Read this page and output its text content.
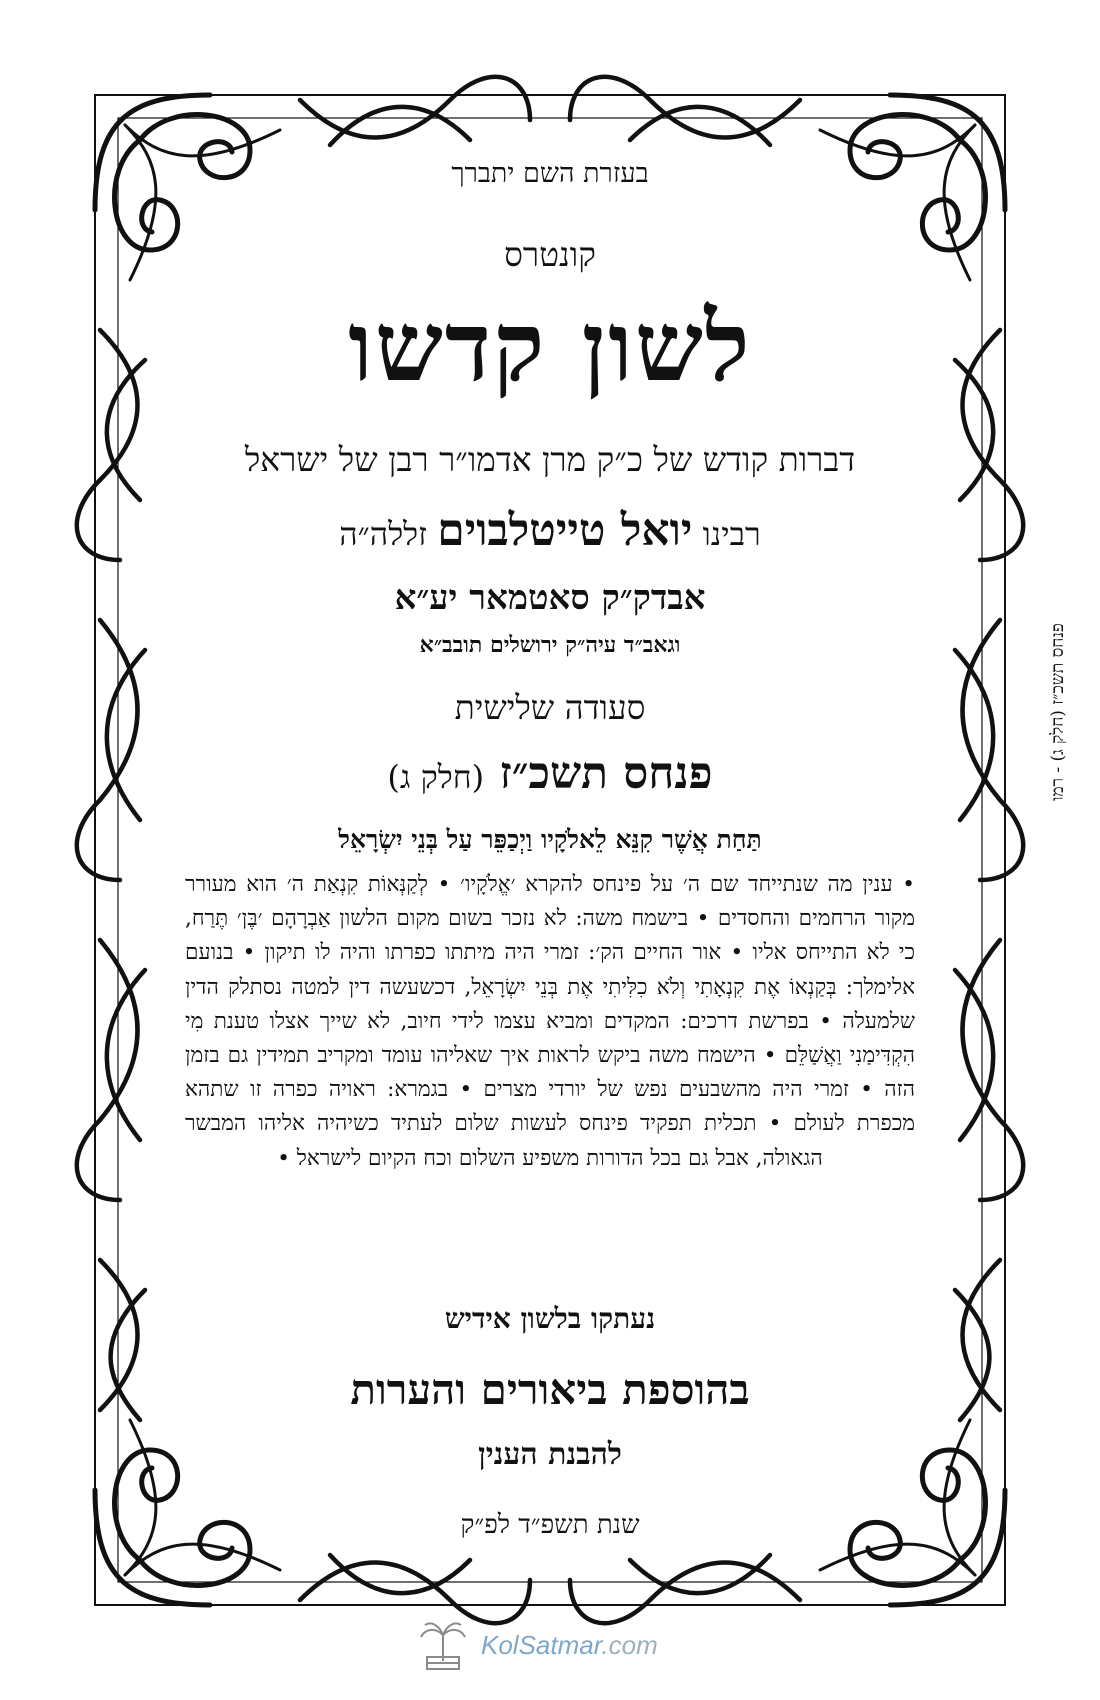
בעזרת השם יתברך
קונטרס
לשון קדשו
דברות קודש של כ״ק מרן אדמו״ר רבן של ישראל
רבינו יואל טייטלבוים זללה״ה
אבדק״ק סאטמאר יע״א
וגאב״ד עיה״ק ירושלים תובב״א
סעודה שלישית
פנחס תשכ״ז (חלק ג)
תַּחַת אֲשֶׁר קִנֵּא לֵאלֹקָיו וַיְכַפֵּר עַל בְּנֵי יִשְׂרָאֵל
• ענין מה שנתייחד שם ה׳ על פינחס להקרא ׳אֱלֹקָיו׳ • לְקַנְּאוֹת קִנְאַת ה׳ הוא מעורר מקור הרחמים והחסדים • בישמח משה: לא נזכר בשום מקום הלשון אַבְרָהָם ׳בֶּן׳ תֶּרַח, כי לא התייחס אליו • אור החיים הק׳: זמרי היה מיתתו כפרתו והיה לו תיקון • בנועם אלימלך: בְּקַנְאוֹ אֶת קִנְאָתִי וְלֹא כִלִּיתִי אֶת בְּנֵי יִשְׂרָאֵל, דכשעשה דין למטה נסתלק הדין שלמעלה • בפרשת דרכים: המקדים ומביא עצמו לידי חיוב, לא שייך אצלו טענת מִי הִקְדִּימַנִי וַאֲשַׁלֵּם • הישמח משה ביקש לראות איך שאליהו עומד ומקריב תמידין גם בזמן הזה • זמרי היה מהשבעים נפש של יורדי מצרים • בגמרא: ראויה כפרה זו שתהא מכפרת לעולם • תכלית תפקיד פינחס לעשות שלום לעתיד כשיהיה אליהו המבשר הגאולה, אבל גם בכל הדורות משפיע השלום וכח הקיום לישראל •
נעתקו בלשון אידיש
בהוספת ביאורים והערות
להבנת הענין
שנת תשפ״ד לפ״ק
פנחס תשכ״ז (חלק ג) - רמו
KolSatmar.com
